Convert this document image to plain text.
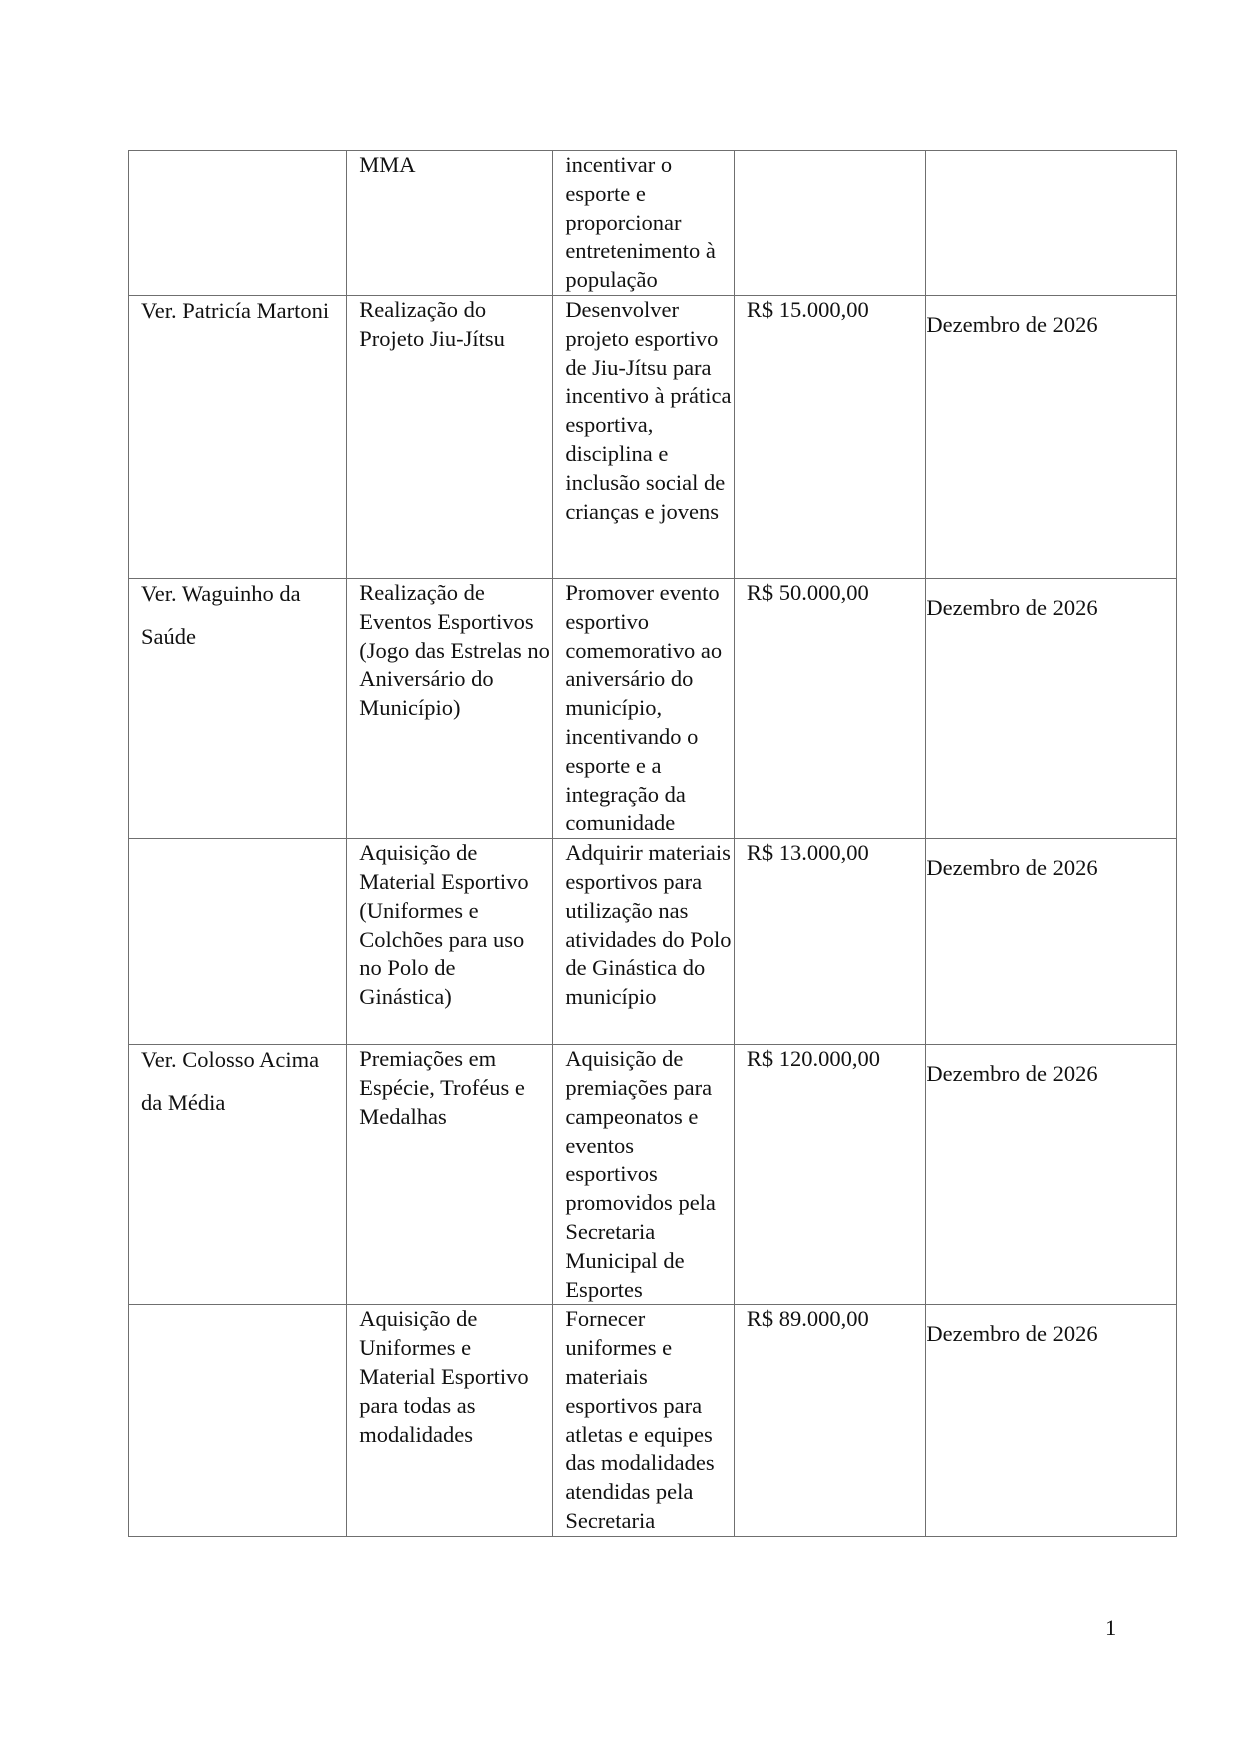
	MMA	incentivar o esporte e proporcionar entretenimento à população		

Ver. Patricía Martoni	Realização do Projeto Jiu-Jítsu	Desenvolver projeto esportivo de Jiu-Jítsu para incentivo à prática esportiva, disciplina e inclusão social de crianças e jovens	R$ 15.000,00	Dezembro de 2026

Ver. Waguinho da Saúde	Realização de Eventos Esportivos (Jogo das Estrelas no Aniversário do Município)	Promover evento esportivo comemorativo ao aniversário do município, incentivando o esporte e a integração da comunidade	R$ 50.000,00	Dezembro de 2026

	Aquisição de Material Esportivo (Uniformes e Colchões para uso no Polo de Ginástica)	Adquirir materiais esportivos para utilização nas atividades do Polo de Ginástica do município	R$ 13.000,00	Dezembro de 2026

Ver. Colosso Acima da Média	Premiações em Espécie, Troféus e Medalhas	Aquisição de premiações para campeonatos e eventos esportivos promovidos pela Secretaria Municipal de Esportes	R$ 120.000,00	Dezembro de 2026

	Aquisição de Uniformes e Material Esportivo para todas as modalidades	Fornecer uniformes e materiais esportivos para atletas e equipes das modalidades atendidas pela Secretaria	R$ 89.000,00	Dezembro de 2026
1
